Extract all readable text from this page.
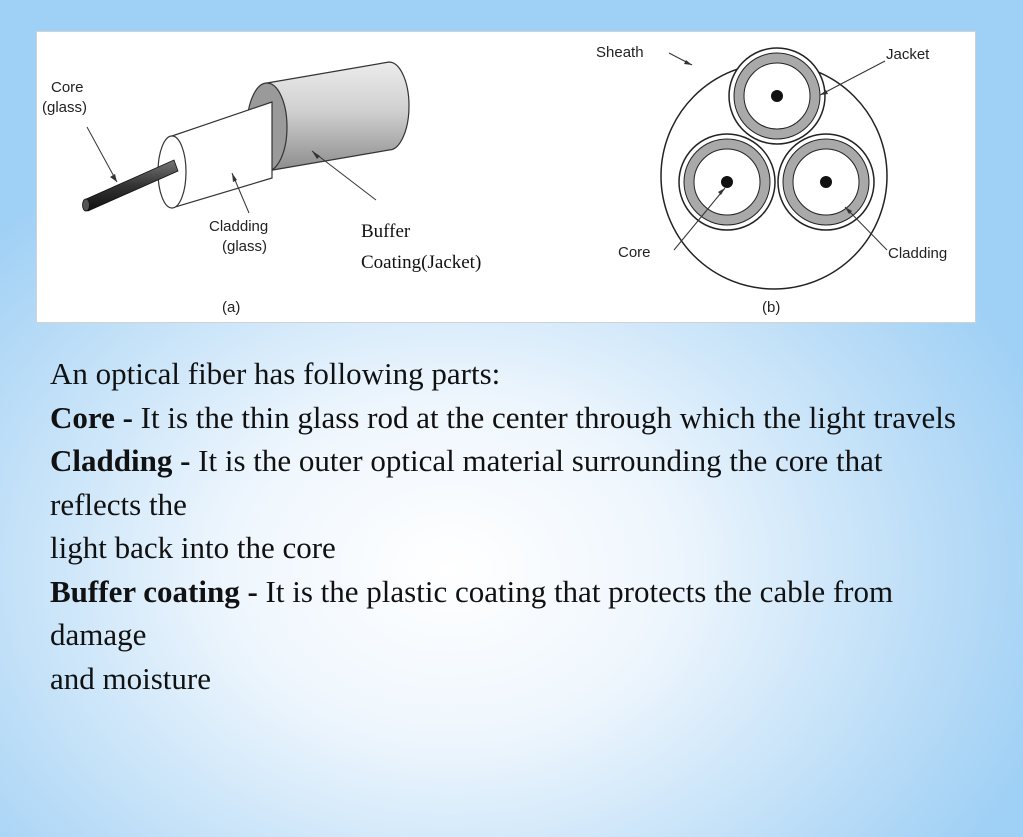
Core
(glass)
Cladding
(glass)
Buffer
Coating(Jacket)
(a)
Sheath	Jacket
Core	Cladding
(b)

An optical fiber has following parts:

Core - It is the thin glass rod at the center through which the light travels

Cladding - It is the outer optical material surrounding the core that reflects the

light back into the core

Buffer coating - It is the plastic coating that protects the cable from damage

and moisture
